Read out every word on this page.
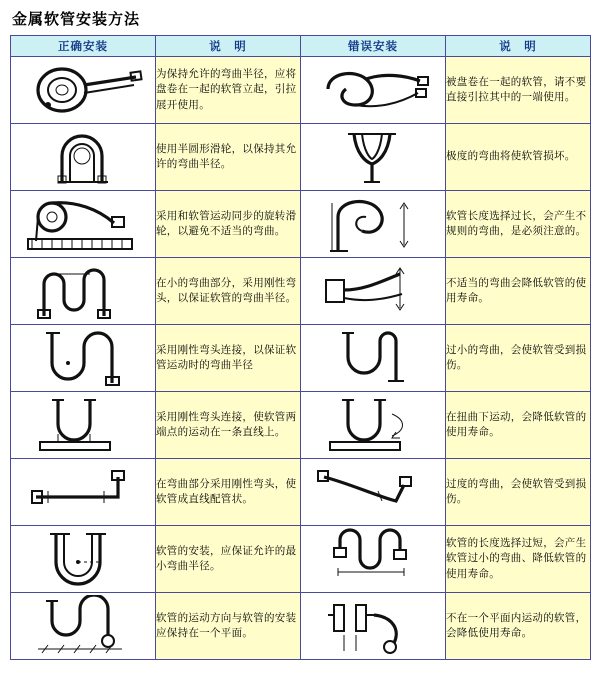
金属软管安装方法
正确安装	说　明	错误安装	说　明

	为保持允许的弯曲半径，应将盘卷在一起的软管立起，引拉展开使用。		被盘卷在一起的软管，请不要直接引拉其中的一端使用。

	使用半圆形滑轮，以保持其允许的弯曲半径。		极度的弯曲将使软管损坏。

	采用和软管运动同步的旋转滑轮，以避免不适当的弯曲。		软管长度选择过长，会产生不规则的弯曲，是必须注意的。

	在小的弯曲部分，采用刚性弯头，以保证软管的弯曲半径。		不适当的弯曲会降低软管的使用寿命。

	采用刚性弯头连接，以保证软管运动时的弯曲半径		过小的弯曲，会使软管受到损伤。

	采用刚性弯头连接，使软管两端点的运动在一条直线上。		在扭曲下运动，会降低软管的使用寿命。

	在弯曲部分采用刚性弯头，使软管成直线配管状。		过度的弯曲，会使软管受到损伤。

	软管的安装，应保证允许的最小弯曲半径。		软管的长度选择过短，会产生软管过小的弯曲、降低软管的使用寿命。

	软管的运动方向与软管的安装应保持在一个平面。		不在一个平面内运动的软管，会降低使用寿命。
